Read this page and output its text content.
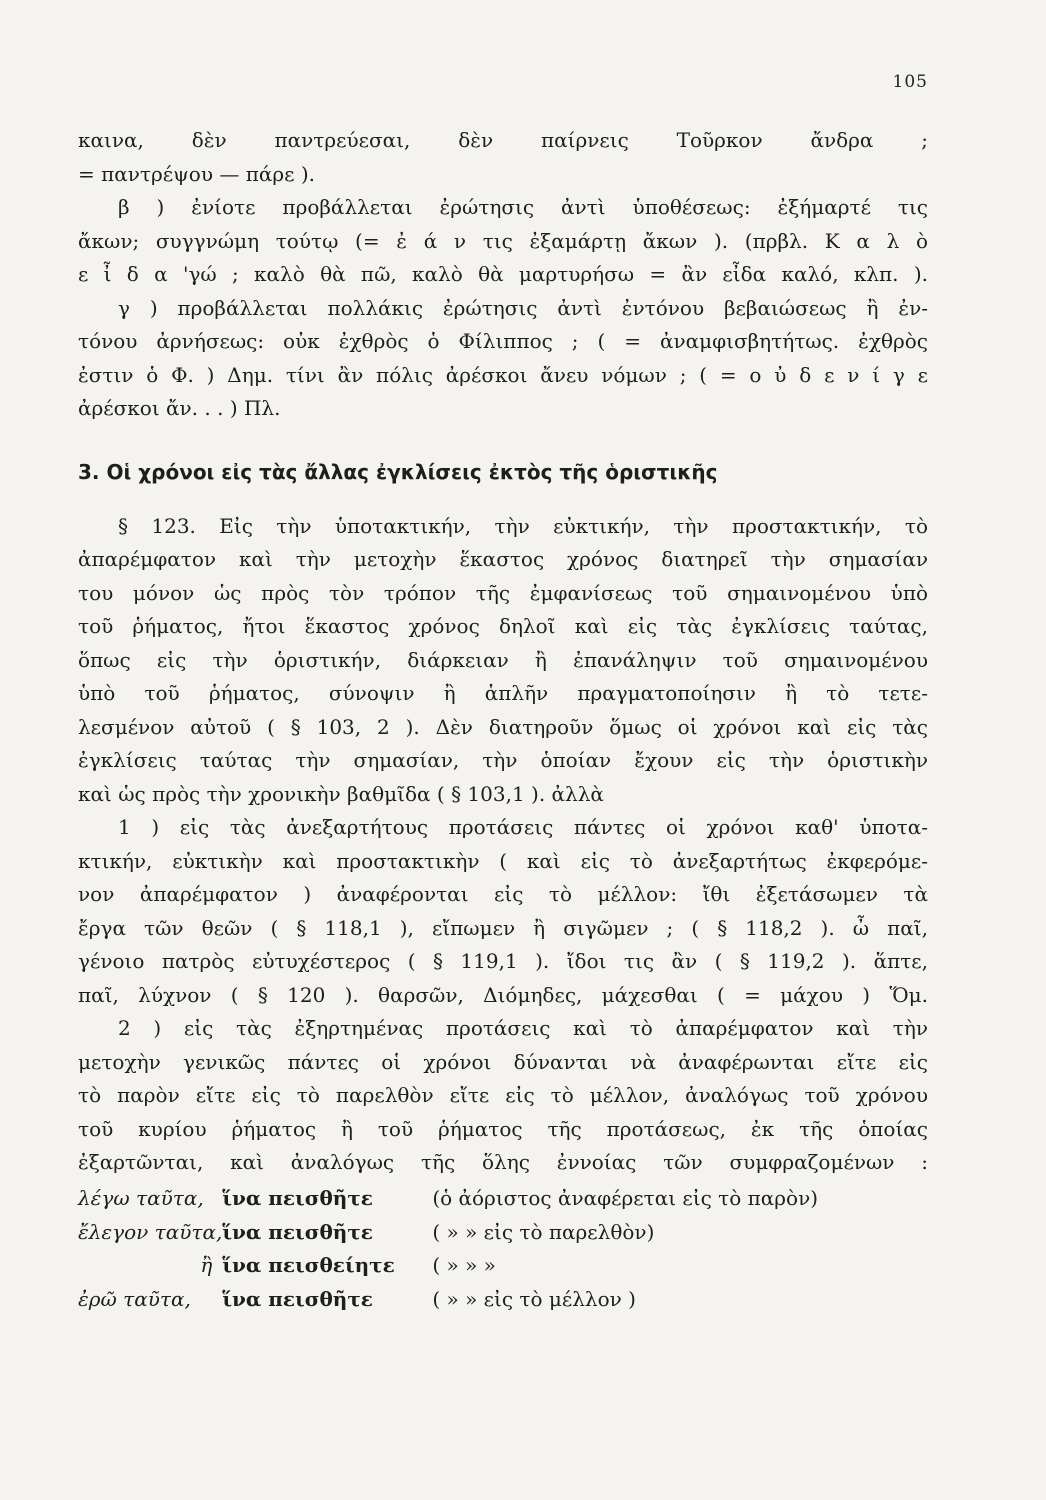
105
καινα, δὲν παντρεύεσαι, δὲν παίρνεις Τοῦρκον ἄνδρα ;
= παντρέψου — πάρε ).
β ) ἐνίοτε προβάλλεται ἐρώτησις ἀντὶ ὑποθέσεως: ἐξήμαρτέ τις
ἄκων; συγγνώμη τούτῳ (= ἐ ά ν τις ἐξαμάρτῃ ἄκων ). (πρβλ. Κ α λ ὸ
ε ἶ δ α 'γώ ; καλὸ θὰ πῶ, καλὸ θὰ μαρτυρήσω = ἂν εἶδα καλό, κλπ. ).
γ ) προβάλλεται πολλάκις ἐρώτησις ἀντὶ ἐντόνου βεβαιώσεως ἢ ἐν-
τόνου ἀρνήσεως: οὐκ ἐχθρὸς ὁ Φίλιππος ; ( = ἀναμφισβητήτως. ἐχθρὸς
ἐστιν ὁ Φ. ) Δημ. τίνι ἂν πόλις ἀρέσκοι ἄνευ νόμων ; ( = ο ὐ δ ε ν ί γ ε
ἀρέσκοι ἄν. . . ) Πλ.
3. Οἱ χρόνοι εἰς τὰς ἄλλας ἐγκλίσεις ἐκτὸς τῆς ὁριστικῆς
§ 123. Εἰς τὴν ὑποτακτικήν, τὴν εὐκτικήν, τὴν προστακτικήν, τὸ
ἀπαρέμφατον καὶ τὴν μετοχὴν ἕκαστος χρόνος διατηρεῖ τὴν σημασίαν
του μόνον ὡς πρὸς τὸν τρόπον τῆς ἐμφανίσεως τοῦ σημαινομένου ὑπὸ
τοῦ ῥήματος, ἤτοι ἕκαστος χρόνος δηλοῖ καὶ εἰς τὰς ἐγκλίσεις ταύτας,
ὅπως εἰς τὴν ὁριστικήν, διάρκειαν ἢ ἐπανάληψιν τοῦ σημαινομένου
ὑπὸ τοῦ ῥήματος, σύνοψιν ἢ ἁπλῆν πραγματοποίησιν ἢ τὸ τετε-
λεσμένον αὐτοῦ ( § 103, 2 ). Δὲν διατηροῦν ὅμως οἱ χρόνοι καὶ εἰς τὰς
ἐγκλίσεις ταύτας τὴν σημασίαν, τὴν ὁποίαν ἔχουν εἰς τὴν ὁριστικὴν
καὶ ὡς πρὸς τὴν χρονικὴν βαθμῖδα ( § 103,1 ). ἀλλὰ
1 ) εἰς τὰς ἀνεξαρτήτους προτάσεις πάντες οἱ χρόνοι καθ' ὑποτα-
κτικήν, εὐκτικὴν καὶ προστακτικὴν ( καὶ εἰς τὸ ἀνεξαρτήτως ἐκφερόμε-
νον ἀπαρέμφατον ) ἀναφέρονται εἰς τὸ μέλλον: ἴθι ἐξετάσωμεν τὰ
ἔργα τῶν θεῶν ( § 118,1 ), εἴπωμεν ἢ σιγῶμεν ; ( § 118,2 ). ὦ παῖ,
γένοιο πατρὸς εὐτυχέστερος ( § 119,1 ). ἴδοι τις ἂν ( § 119,2 ). ἅπτε,
παῖ, λύχνον ( § 120 ). θαρσῶν, Διόμηδες, μάχεσθαι ( = μάχου ) Ὅμ.
2 ) εἰς τὰς ἐξηρτημένας προτάσεις καὶ τὸ ἀπαρέμφατον καὶ τὴν
μετοχὴν γενικῶς πάντες οἱ χρόνοι δύνανται νὰ ἀναφέρωνται εἴτε εἰς
τὸ παρὸν εἴτε εἰς τὸ παρελθὸν εἴτε εἰς τὸ μέλλον, ἀναλόγως τοῦ χρόνου
τοῦ κυρίου ῥήματος ἢ τοῦ ῥήματος τῆς προτάσεως, ἐκ τῆς ὁποίας
ἐξαρτῶνται, καὶ ἀναλόγως τῆς ὅλης ἐννοίας τῶν συμφραζομένων :
λέγω ταῦτα,	ἵνα πεισθῆτε	(ὁ ἀόριστος ἀναφέρεται εἰς τὸ παρὸν)
ἔλεγον ταῦτα,	ἵνα πεισθῆτε	( » » εἰς τὸ παρελθὸν)
ἢ	ἵνα πεισθείητε	( » » »
ἐρῶ ταῦτα,	ἵνα πεισθῆτε	( » » εἰς τὸ μέλλον )
